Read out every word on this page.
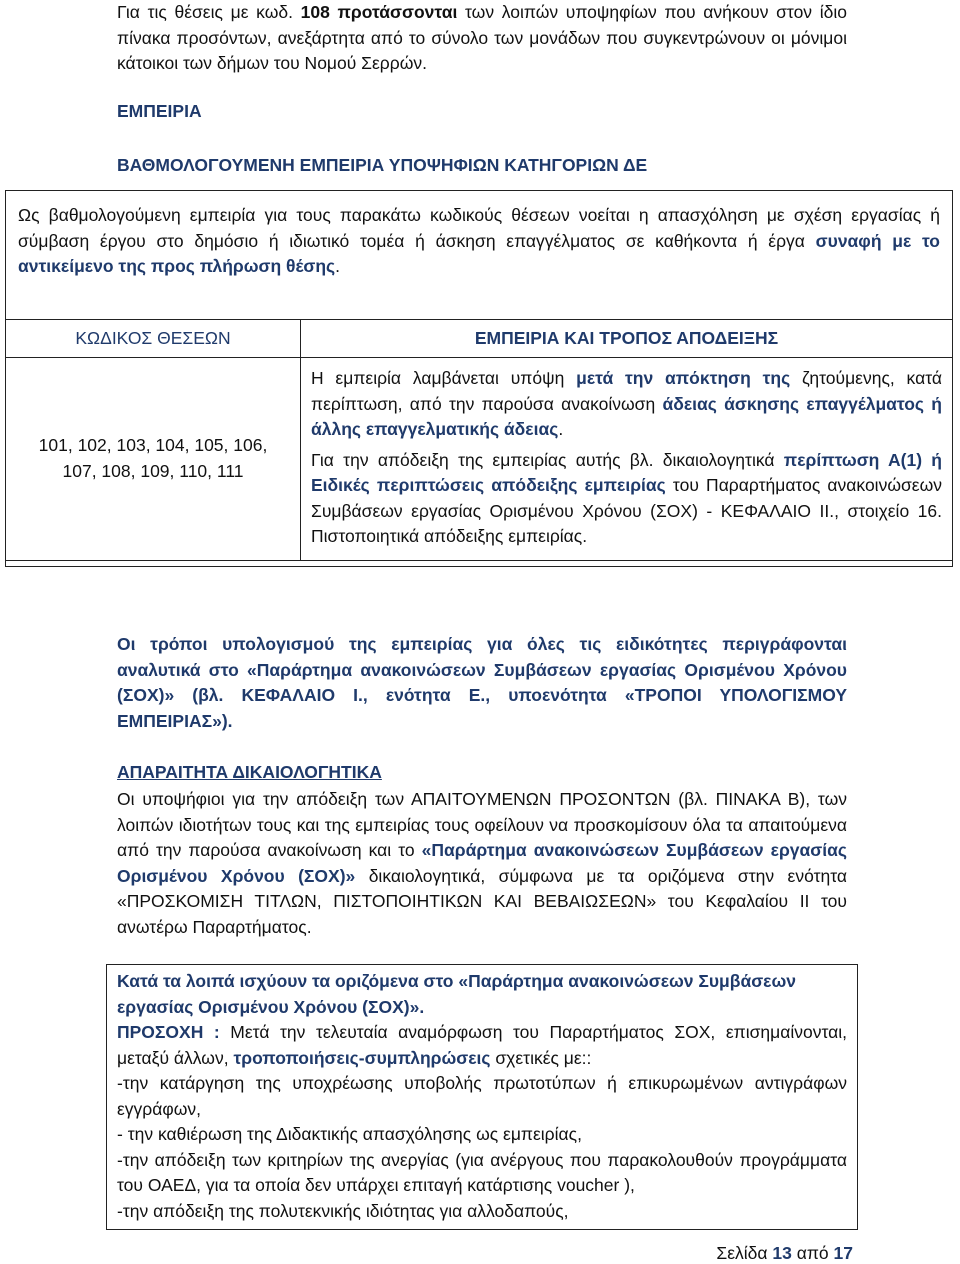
Για τις θέσεις με κωδ. 108 προτάσσονται των λοιπών υποψηφίων που ανήκουν στον ίδιο πίνακα προσόντων, ανεξάρτητα από το σύνολο των μονάδων που συγκεντρώνουν οι μόνιμοι κάτοικοι των δήμων του Νομού Σερρών.

ΕΜΠΕΙΡΙΑ
ΒΑΘΜΟΛΟΓΟΥΜΕΝΗ ΕΜΠΕΙΡΙΑ ΥΠΟΨΗΦΙΩΝ ΚΑΤΗΓΟΡΙΩΝ ΔΕ

Ως βαθμολογούμενη εμπειρία για τους παρακάτω κωδικούς θέσεων νοείται η απασχόληση με σχέση εργασίας ή σύμβαση έργου στο δημόσιο ή ιδιωτικό τομέα ή άσκηση επαγγέλματος σε καθήκοντα ή έργα συναφή με το αντικείμενο της προς πλήρωση θέσης.

ΚΩΔΙΚΟΣ ΘΕΣΕΩΝ	ΕΜΠΕΙΡΙΑ ΚΑΙ ΤΡΟΠΟΣ ΑΠΟΔΕΙΞΗΣ
101, 102, 103, 104, 105, 106, 107, 108, 109, 110, 111	Η εμπειρία λαμβάνεται υπόψη μετά την απόκτηση της ζητούμενης, κατά περίπτωση, από την παρούσα ανακοίνωση άδειας άσκησης επαγγέλματος ή άλλης επαγγελματικής άδειας.

Για την απόδειξη της εμπειρίας αυτής βλ. δικαιολογητικά περίπτωση Α(1) ή Ειδικές περιπτώσεις απόδειξης εμπειρίας του Παραρτήματος ανακοινώσεων Συμβάσεων εργασίας Ορισμένου Χρόνου (ΣΟΧ) - ΚΕΦΑΛΑΙΟ ΙΙ., στοιχείο 16. Πιστοποιητικά απόδειξης εμπειρίας.

Οι τρόποι υπολογισμού της εμπειρίας για όλες τις ειδικότητες περιγράφονται αναλυτικά στο «Παράρτημα ανακοινώσεων Συμβάσεων εργασίας Ορισμένου Χρόνου (ΣΟΧ)» (βλ. ΚΕΦΑΛΑΙΟ Ι., ενότητα Ε., υποενότητα «ΤΡΟΠΟΙ ΥΠΟΛΟΓΙΣΜΟΥ ΕΜΠΕΙΡΙΑΣ»).

ΑΠΑΡΑΙΤΗΤΑ ΔΙΚΑΙΟΛΟΓΗΤΙΚΑ

Οι υποψήφιοι για την απόδειξη των ΑΠΑΙΤΟΥΜΕΝΩΝ ΠΡΟΣΟΝΤΩΝ (βλ. ΠΙΝΑΚΑ Β), των λοιπών ιδιοτήτων τους και της εμπειρίας τους οφείλουν να προσκομίσουν όλα τα απαιτούμενα από την παρούσα ανακοίνωση και το «Παράρτημα ανακοινώσεων Συμβάσεων εργασίας Ορισμένου Χρόνου (ΣΟΧ)» δικαιολογητικά, σύμφωνα με τα οριζόμενα στην ενότητα «ΠΡΟΣΚΟΜΙΣΗ ΤΙΤΛΩΝ, ΠΙΣΤΟΠΟΙΗΤΙΚΩΝ ΚΑΙ ΒΕΒΑΙΩΣΕΩΝ» του Κεφαλαίου ΙΙ του ανωτέρω Παραρτήματος.

Κατά τα λοιπά ισχύουν τα οριζόμενα στο «Παράρτημα ανακοινώσεων Συμβάσεων εργασίας Ορισμένου Χρόνου (ΣΟΧ)».

ΠΡΟΣΟΧΗ : Μετά την τελευταία αναμόρφωση του Παραρτήματος ΣΟΧ, επισημαίνονται, μεταξύ άλλων, τροποποιήσεις-συμπληρώσεις σχετικές με::

-την κατάργηση της υποχρέωσης υποβολής πρωτοτύπων ή επικυρωμένων αντιγράφων εγγράφων,

- την καθιέρωση της Διδακτικής απασχόλησης ως εμπειρίας,

-την απόδειξη των κριτηρίων της ανεργίας (για ανέργους που παρακολουθούν προγράμματα του ΟΑΕΔ, για τα οποία δεν υπάρχει επιταγή κατάρτισης voucher ),

-την απόδειξη της πολυτεκνικής ιδιότητας για αλλοδαπούς,

Σελίδα 13 από 17
